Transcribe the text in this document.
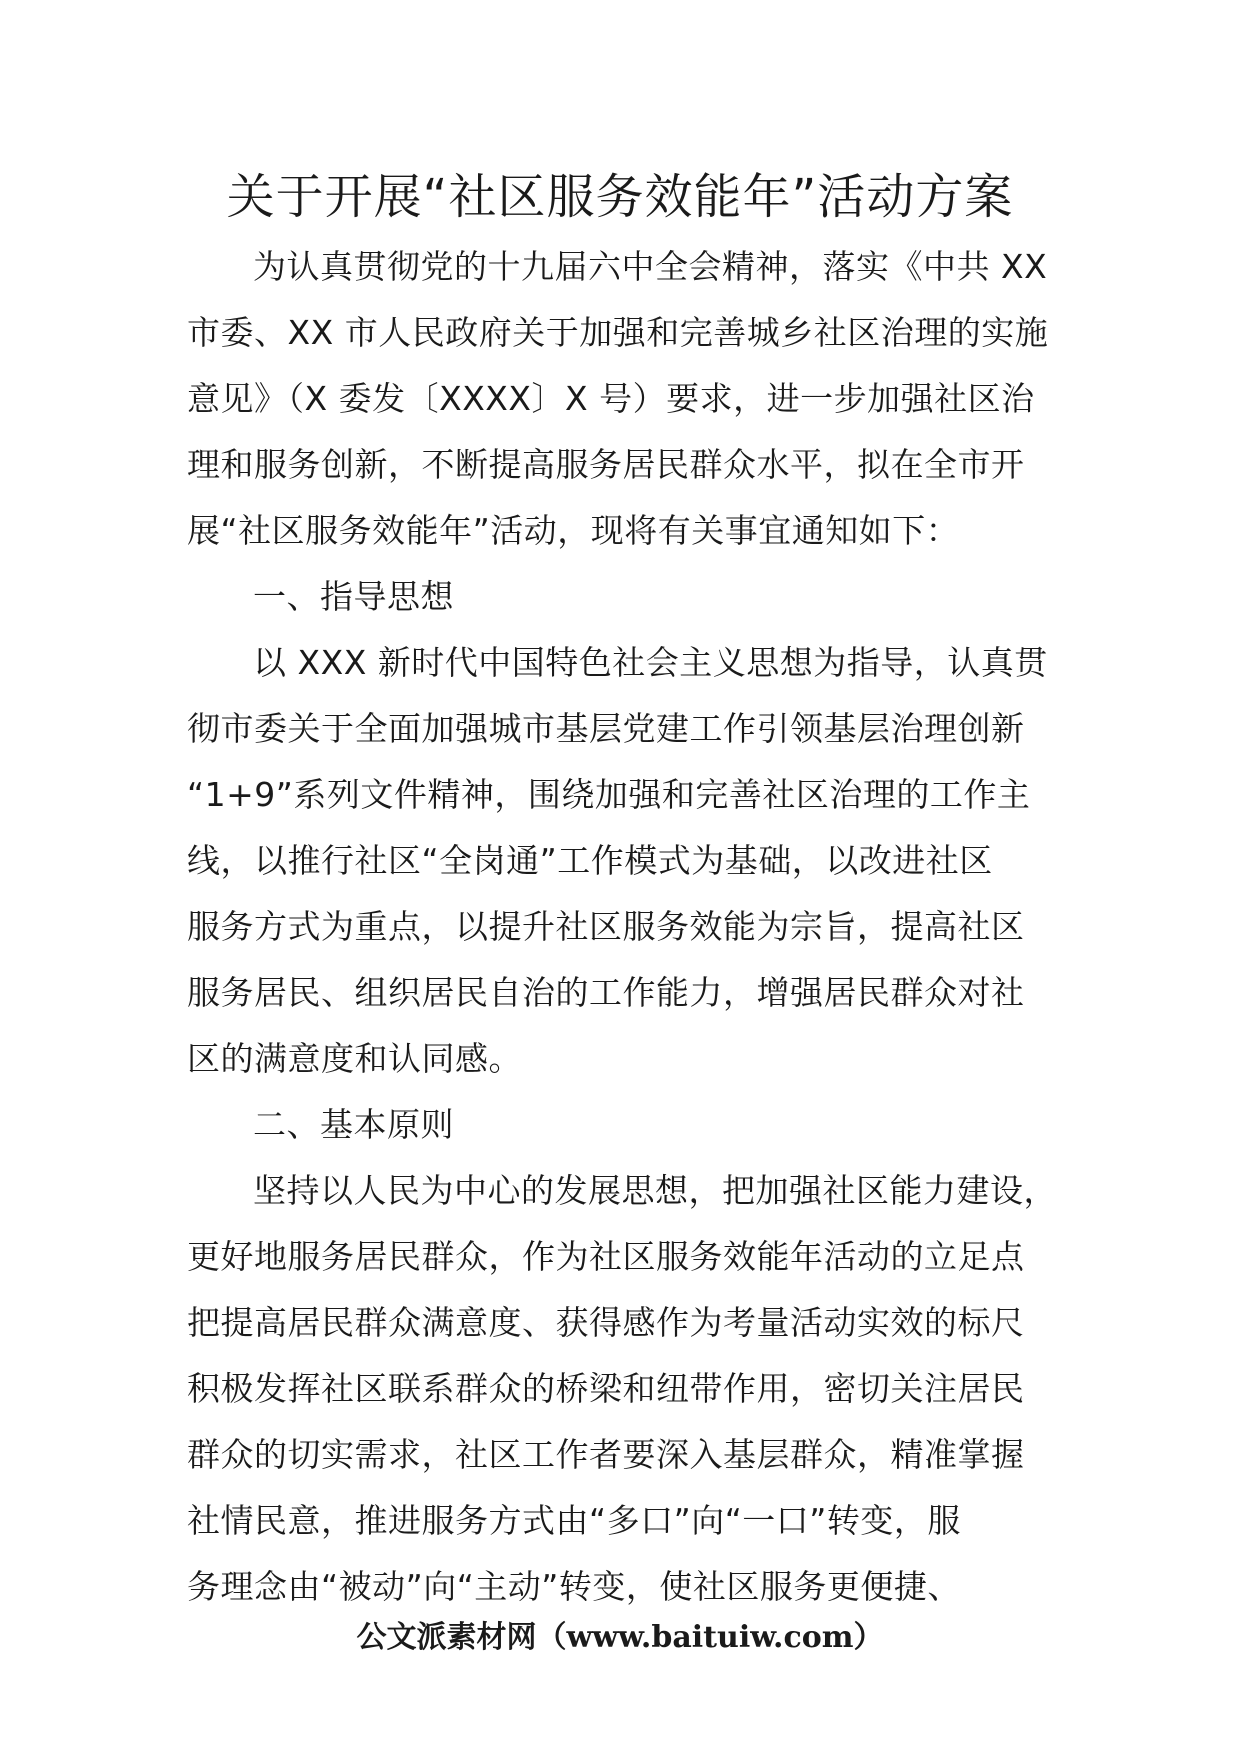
关于开展“社区服务效能年”活动方案
为认真贯彻党的十九届六中全会精神，落实《中共 XX
市委、XX 市人民政府关于加强和完善城乡社区治理的实施
意见》（X 委发〔XXXX〕X 号）要求，进一步加强社区治
理和服务创新，不断提高服务居民群众水平，拟在全市开
展“社区服务效能年”活动，现将有关事宜通知如下：
一、指导思想
以 XXX 新时代中国特色社会主义思想为指导，认真贯
彻市委关于全面加强城市基层党建工作引领基层治理创新
“1+9”系列文件精神，围绕加强和完善社区治理的工作主
线，以推行社区“全岗通”工作模式为基础，以改进社区
服务方式为重点，以提升社区服务效能为宗旨，提高社区
服务居民、组织居民自治的工作能力，增强居民群众对社
区的满意度和认同感。
二、基本原则
坚持以人民为中心的发展思想，把加强社区能力建设，
更好地服务居民群众，作为社区服务效能年活动的立足点
把提高居民群众满意度、获得感作为考量活动实效的标尺
积极发挥社区联系群众的桥梁和纽带作用，密切关注居民
群众的切实需求，社区工作者要深入基层群众，精准掌握
社情民意，推进服务方式由“多口”向“一口”转变，服
务理念由“被动”向“主动”转变，使社区服务更便捷、
公文派素材网（www.baituiw.com）
